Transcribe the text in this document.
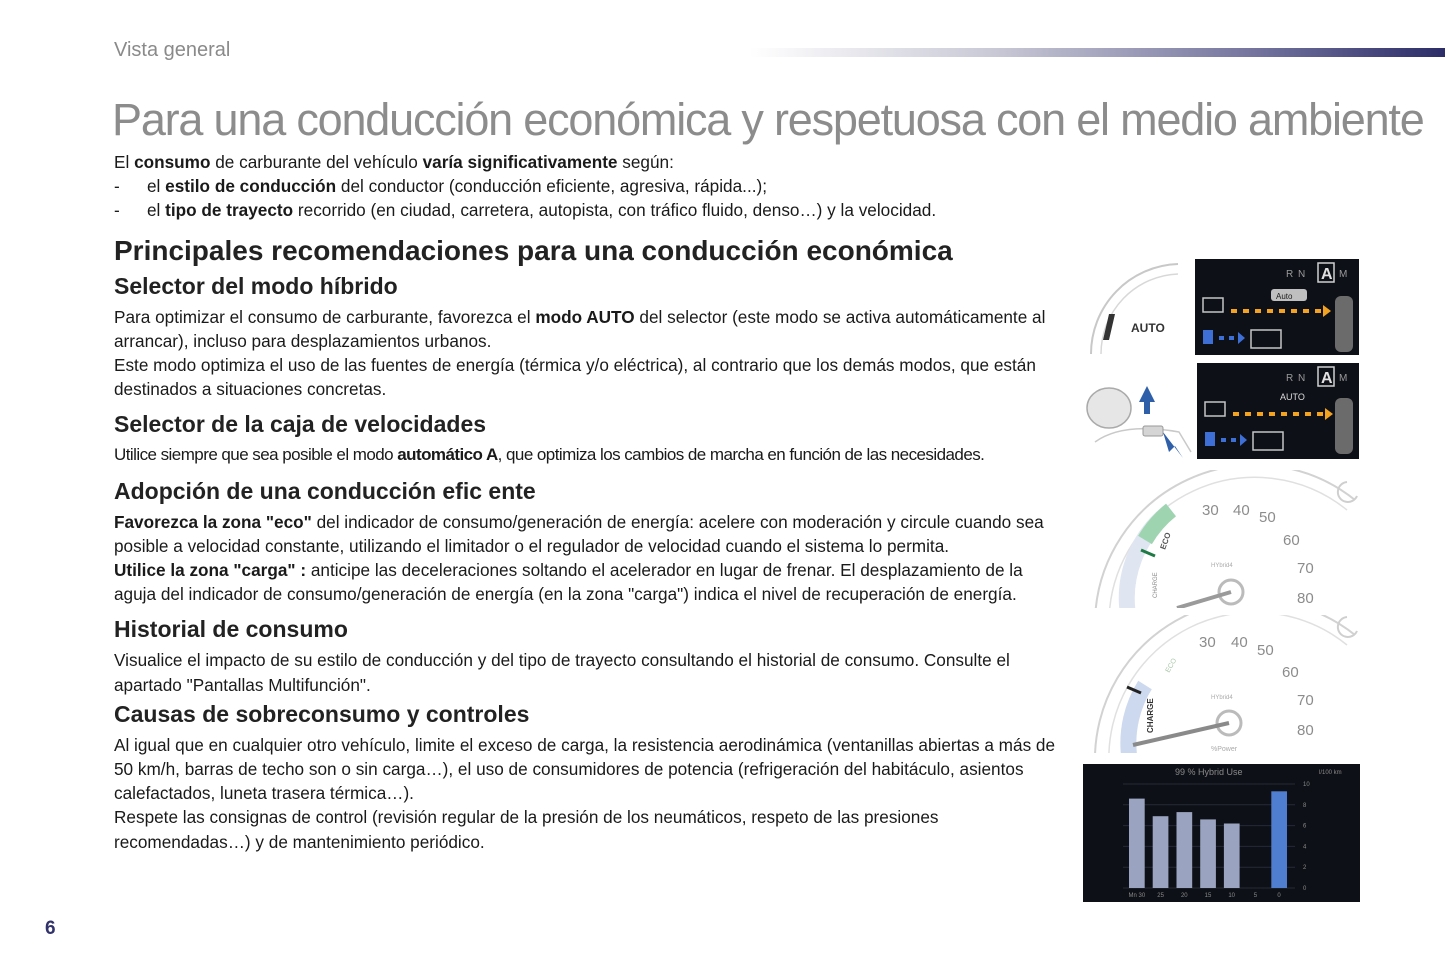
Vista general
Para una conducción económica y respetuosa con el medio ambiente

El consumo de carburante del vehículo varía significativamente según:

-	el estilo de conducción del conductor (conducción eficiente, agresiva, rápida...);
-	el tipo de trayecto recorrido (en ciudad, carretera, autopista, con tráfico fluido, denso…) y la velocidad.
Principales recomendaciones para una conducción económica
Selector del modo híbrido

Para optimizar el consumo de carburante, favorezca el modo AUTO del selector (este modo se activa automáticamente al arrancar), incluso para desplazamientos urbanos.

Este modo optimiza el uso de las fuentes de energía (térmica y/o eléctrica), al contrario que los demás modos, que están destinados a situaciones concretas.

Selector de la caja de velocidades

Utilice siempre que sea posible el modo automático A, que optimiza los cambios de marcha en función de las necesidades.

Adopción de una conducción efic ente

Favorezca la zona "eco" del indicador de consumo/generación de energía: acelere con moderación y circule cuando sea posible a velocidad constante, utilizando el limitador o el regulador de velocidad cuando el sistema lo permita.

Utilice la zona "carga" : anticipe las deceleraciones soltando el acelerador en lugar de frenar. El desplazamiento de la aguja del indicador de consumo/generación de energía (en la zona "carga") indica el nivel de recuperación de energía.

Historial de consumo

Visualice el impacto de su estilo de conducción y del tipo de trayecto consultando el historial de consumo. Consulte el apartado "Pantallas Multifunción".

Causas de sobreconsumo y controles

Al igual que en cualquier otro vehículo, limite el exceso de carga, la resistencia aerodinámica (ventanillas abiertas a más de 50 km/h, barras de techo son o sin carga…), el uso de consumidores de potencia (refrigeración del habitáculo, asientos calefactados, luneta trasera térmica…).

Respete las consignas de control (revisión regular de la presión de los neumáticos, respeto de las presiones recomendadas…) y de mantenimiento periódico.

6
AUTO
R N A M
Auto
R N A M
AUTO
30 40 50
60
70
80
ECO
CHARGE
HYbrid4
30 40 50
60
70
80
ECO
CHARGE
HYbrid4
%Power
99 % Hybrid Use	l/100 km
Mn 30 25	20	15	10	5	0
10
8
6
4
2
0
